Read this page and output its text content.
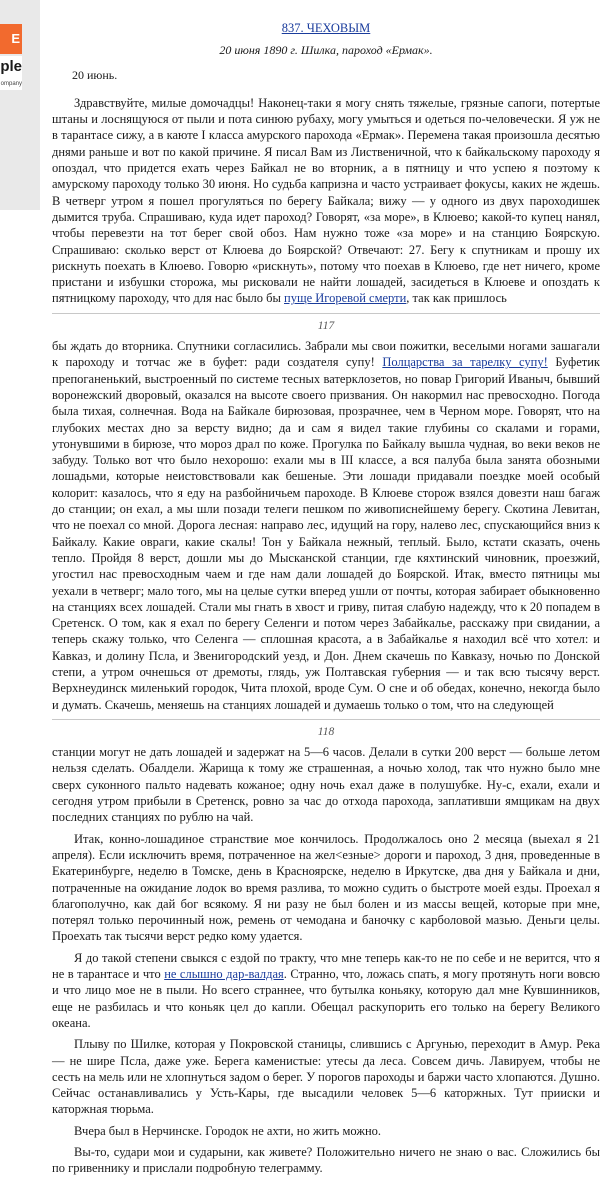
E
ple
ompany
837. ЧЕХОВЫМ
20 июня 1890 г. Шилка, пароход «Ермак».
20 июнь.

Здравствуйте, милые домочадцы! Наконец-таки я могу снять тяжелые, грязные сапоги, потертые штаны и лоснящуюся от пыли и пота синюю рубаху, могу умыться и одеться по-человечески. Я уж не в тарантасе сижу, а в каюте I класса амурского парохода «Ермак». Перемена такая произошла десятью днями раньше и вот по какой причине. Я писал Вам из Лиственичной, что к байкальскому пароходу я опоздал, что придется ехать через Байкал не во вторник, а в пятницу и что успею я поэтому к амурскому пароходу только 30 июня. Но судьба капризна и часто устраивает фокусы, каких не ждешь. В четверг утром я пошел прогуляться по берегу Байкала; вижу — у одного из двух пароходишек дымится труба. Спрашиваю, куда идет пароход? Говорят, «за море», в Клюево; какой-то купец нанял, чтобы перевезти на тот берег свой обоз. Нам нужно тоже «за море» и на станцию Боярскую. Спрашиваю: сколько верст от Клюева до Боярской? Отвечают: 27. Бегу к спутникам и прошу их рискнуть поехать в Клюево. Говорю «рискнуть», потому что поехав в Клюево, где нет ничего, кроме пристани и избушки сторожа, мы рисковали не найти лошадей, засидеться в Клюеве и опоздать к пятницкому пароходу, что для нас было бы пуще Игоревой смерти, так как пришлось

117

бы ждать до вторника. Спутники согласились. Забрали мы свои пожитки, веселыми ногами зашагали к пароходу и тотчас же в буфет: ради создателя супу! Полцарства за тарелку супу! Буфетик препоганенький, выстроенный по системе тесных ватерклозетов, но повар Григорий Иваныч, бывший воронежский дворовый, оказался на высоте своего призвания. Он накормил нас превосходно. Погода была тихая, солнечная. Вода на Байкале бирюзовая, прозрачнее, чем в Черном море. Говорят, что на глубоких местах дно за версту видно; да и сам я видел такие глубины со скалами и горами, утонувшими в бирюзе, что мороз драл по коже. Прогулка по Байкалу вышла чудная, во веки веков не забуду. Только вот что было нехорошо: ехали мы в III классе, а вся палуба была занята обозными лошадьми, которые неистовствовали как бешеные. Эти лошади придавали поездке моей особый колорит: казалось, что я еду на разбойничьем пароходе. В Клюеве сторож взялся довезти наш багаж до станции; он ехал, а мы шли позади телеги пешком по живописнейшему берегу. Скотина Левитан, что не поехал со мной. Дорога лесная: направо лес, идущий на гору, налево лес, спускающийся вниз к Байкалу. Какие овраги, какие скалы! Тон у Байкала нежный, теплый. Было, кстати сказать, очень тепло. Пройдя 8 верст, дошли мы до Мысканской станции, где кяхтинский чиновник, проезжий, угостил нас превосходным чаем и где нам дали лошадей до Боярской. Итак, вместо пятницы мы уехали в четверг; мало того, мы на целые сутки вперед ушли от почты, которая забирает обыкновенно на станциях всех лошадей. Стали мы гнать в хвост и гриву, питая слабую надежду, что к 20 попадем в Сретенск. О том, как я ехал по берегу Селенги и потом через Забайкалье, расскажу при свидании, а теперь скажу только, что Селенга — сплошная красота, а в Забайкалье я находил всё что хотел: и Кавказ, и долину Псла, и Звенигородский уезд, и Дон. Днем скачешь по Кавказу, ночью по Донской степи, а утром очнешься от дремоты, глядь, уж Полтавская губерния — и так всю тысячу верст. Верхнеудинск миленький городок, Чита плохой, вроде Сум. О сне и об обедах, конечно, некогда было и думать. Скачешь, меняешь на станциях лошадей и думаешь только о том, что на следующей

118

станции могут не дать лошадей и задержат на 5—6 часов. Делали в сутки 200 верст — больше летом нельзя сделать. Обалдели. Жарища к тому же страшенная, а ночью холод, так что нужно было мне сверх суконного пальто надевать кожаное; одну ночь ехал даже в полушубке. Ну-с, ехали, ехали и сегодня утром прибыли в Сретенск, ровно за час до отхода парохода, заплативши ямщикам на двух последних станциях по рублю на чай.

Итак, конно-лошадиное странствие мое кончилось. Продолжалось оно 2 месяца (выехал я 21 апреля). Если исключить время, потраченное на жел<езные> дороги и пароход, 3 дня, проведенные в Екатеринбурге, неделю в Томске, день в Красноярске, неделю в Иркутске, два дня у Байкала и дни, потраченные на ожидание лодок во время разлива, то можно судить о быстроте моей езды. Проехал я благополучно, как дай бог всякому. Я ни разу не был болен и из массы вещей, которые при мне, потерял только перочинный нож, ремень от чемодана и баночку с карболовой мазью. Деньги целы. Проехать так тысячи верст редко кому удается.

Я до такой степени свыкся с ездой по тракту, что мне теперь как-то не по себе и не верится, что я не в тарантасе и что не слышно дар-валдая. Странно, что, ложась спать, я могу протянуть ноги вовсю и что лицо мое не в пыли. Но всего страннее, что бутылка коньяку, которую дал мне Кувшинников, еще не разбилась и что коньяк цел до капли. Обещал раскупорить его только на берегу Великого океана.

Плыву по Шилке, которая у Покровской станицы, слившись с Аргунью, переходит в Амур. Река — не шире Псла, даже уже. Берега каменистые: утесы да леса. Совсем дичь. Лавируем, чтобы не сесть на мель или не хлопнуться задом о берег. У порогов пароходы и баржи часто хлопаются. Душно. Сейчас останавливались у Усть-Кары, где высадили человек 5—6 каторжных. Тут прииски и каторжная тюрьма.

Вчера был в Нерчинске. Городок не ахти, но жить можно.

Вы-то, судари мои и сударыни, как живете? Положительно ничего не знаю о вас. Сложились бы по гривеннику и прислали подробную телеграмму.
